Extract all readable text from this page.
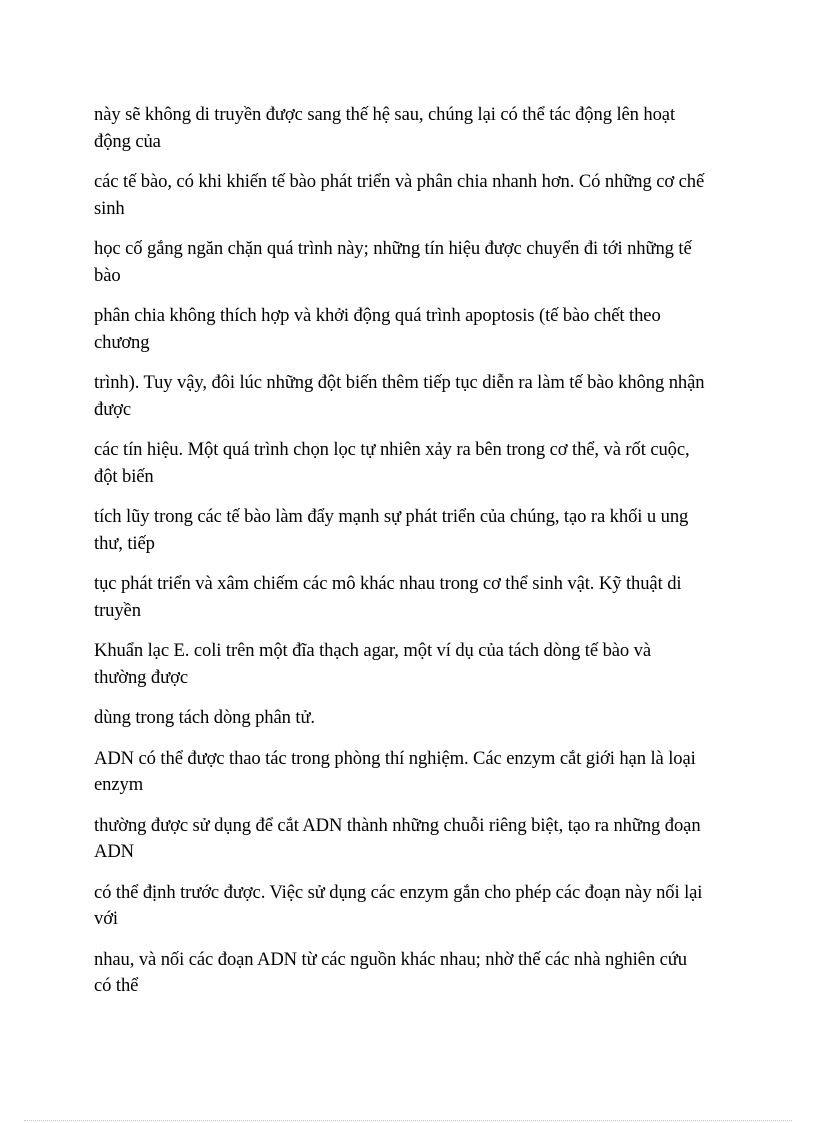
này sẽ không di truyền được sang thế hệ sau, chúng lại có thể tác động lên hoạt
động của

các tế bào, có khi khiến tế bào phát triển và phân chia nhanh hơn. Có những cơ chế
sinh

học cố gắng ngăn chặn quá trình này; những tín hiệu được chuyển đi tới những tế
bào

phân chia không thích hợp và khởi động quá trình apoptosis (tế bào chết theo
chương

trình). Tuy vậy, đôi lúc những đột biến thêm tiếp tục diễn ra làm tế bào không nhận
được

các tín hiệu. Một quá trình chọn lọc tự nhiên xảy ra bên trong cơ thể, và rốt cuộc,
đột biến

tích lũy trong các tế bào làm đẩy mạnh sự phát triển của chúng, tạo ra khối u ung
thư, tiếp

tục phát triển và xâm chiếm các mô khác nhau trong cơ thể sinh vật. Kỹ thuật di
truyền

Khuẩn lạc E. coli trên một đĩa thạch agar, một ví dụ của tách dòng tế bào và
thường được

dùng trong tách dòng phân tử.

ADN có thể được thao tác trong phòng thí nghiệm. Các enzym cắt giới hạn là loại
enzym

thường được sử dụng để cắt ADN thành những chuỗi riêng biệt, tạo ra những đoạn
ADN

có thể định trước được. Việc sử dụng các enzym gắn cho phép các đoạn này nối lại
với

nhau, và nối các đoạn ADN từ các nguồn khác nhau; nhờ thế các nhà nghiên cứu
có thể
